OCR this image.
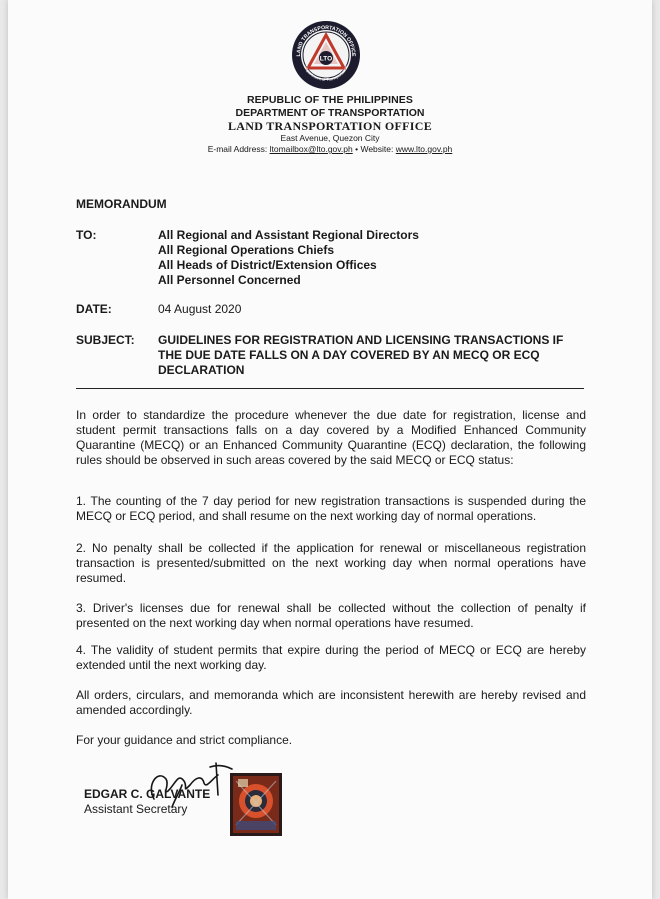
LTO
LAND TRANSPORTATION OFFICE
Department of Transportation
REPUBLIC OF THE PHILIPPINES
DEPARTMENT OF TRANSPORTATION
LAND TRANSPORTATION OFFICE
East Avenue, Quezon City
E-mail Address: ltomailbox@lto.gov.ph • Website: www.lto.gov.ph
MEMORANDUM
TO:	All Regional and Assistant Regional Directors
All Regional Operations Chiefs
All Heads of District/Extension Offices
All Personnel Concerned
DATE:	04 August 2020
SUBJECT: GUIDELINES FOR REGISTRATION AND LICENSING TRANSACTIONS IF THE DUE DATE FALLS ON A DAY COVERED BY AN MECQ OR ECQ DECLARATION
In order to standardize the procedure whenever the due date for registration, license and student permit transactions falls on a day covered by a Modified Enhanced Community Quarantine (MECQ) or an Enhanced Community Quarantine (ECQ) declaration, the following rules should be observed in such areas covered by the said MECQ or ECQ status:
1. The counting of the 7 day period for new registration transactions is suspended during the MECQ or ECQ period, and shall resume on the next working day of normal operations.
2. No penalty shall be collected if the application for renewal or miscellaneous registration transaction is presented/submitted on the next working day when normal operations have resumed.
3. Driver's licenses due for renewal shall be collected without the collection of penalty if presented on the next working day when normal operations have resumed.
4. The validity of student permits that expire during the period of MECQ or ECQ are hereby extended until the next working day.
All orders, circulars, and memoranda which are inconsistent herewith are hereby revised and amended accordingly.
For your guidance and strict compliance.
EDGAR C. GALVANTE
Assistant Secretary
